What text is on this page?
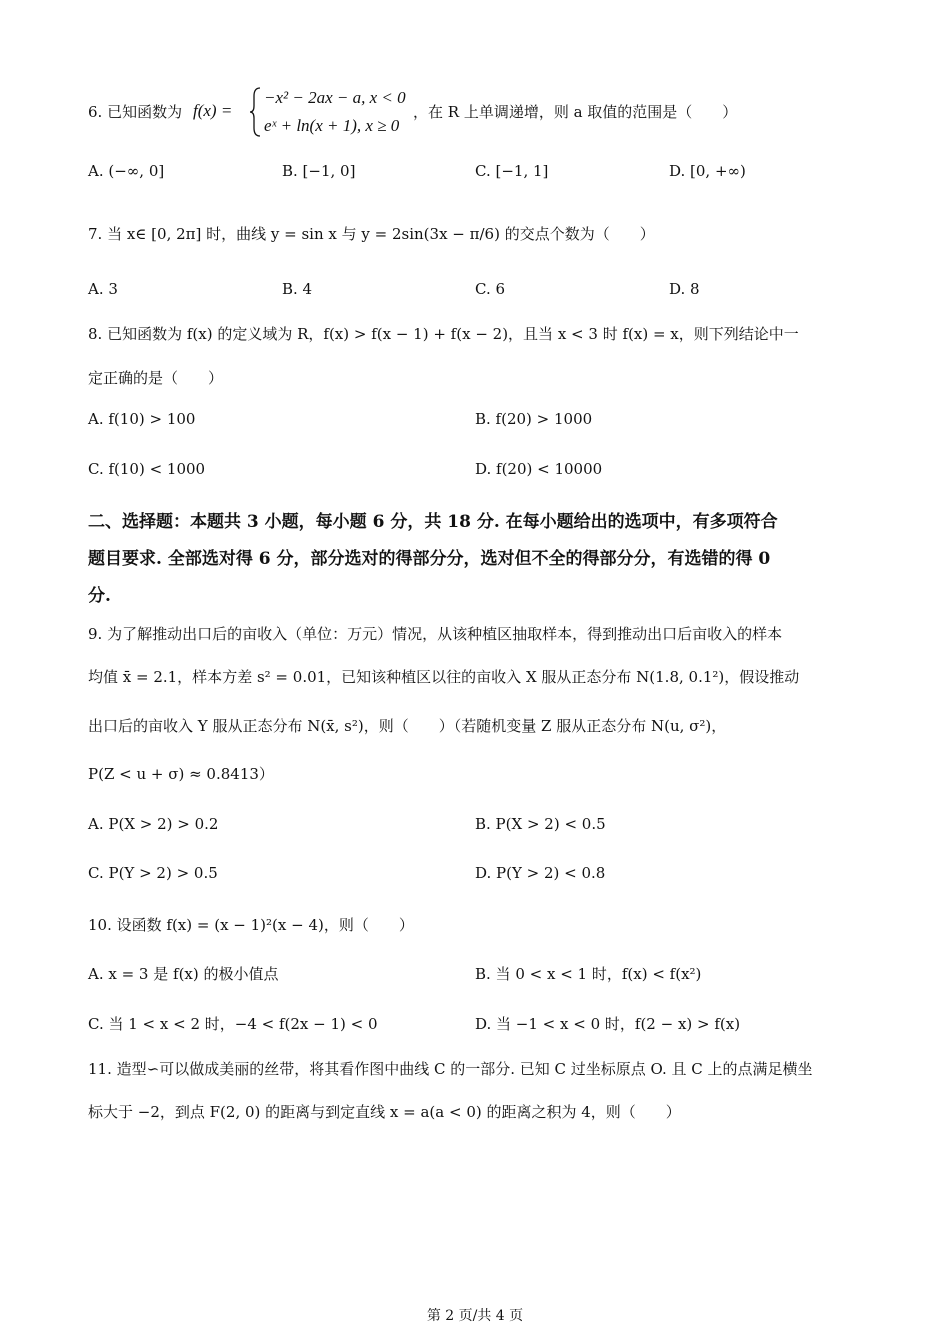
6. 已知函数为 f(x) =
−x² − 2ax − a, x < 0
eˣ + ln(x + 1), x ≥ 0
，在 R 上单调递增，则 a 取值的范围是（　　）
A. (−∞, 0]	B. [−1, 0]	C. [−1, 1]	D. [0, +∞)
7. 当 x∈ [0, 2π] 时，曲线 y = sin x 与 y = 2sin(3x − π/6) 的交点个数为（　　）
A. 3	B. 4	C. 6	D. 8
8. 已知函数为 f(x) 的定义域为 R，f(x) > f(x − 1) + f(x − 2)，且当 x < 3 时 f(x) = x，则下列结论中一
定正确的是（　　）
A. f(10) > 100	B. f(20) > 1000
C. f(10) < 1000	D. f(20) < 10000
二、选择题：本题共 3 小题，每小题 6 分，共 18 分. 在每小题给出的选项中，有多项符合
题目要求. 全部选对得 6 分，部分选对的得部分分，选对但不全的得部分分，有选错的得 0
分.
9. 为了解推动出口后的亩收入（单位：万元）情况，从该种植区抽取样本，得到推动出口后亩收入的样本
均值 x̄ = 2.1，样本方差 s² = 0.01，已知该种植区以往的亩收入 X 服从正态分布 N(1.8, 0.1²)，假设推动
出口后的亩收入 Y 服从正态分布 N(x̄, s²)，则（　　）（若随机变量 Z 服从正态分布 N(u, σ²)，
P(Z < u + σ) ≈ 0.8413）
A. P(X > 2) > 0.2	B. P(X > 2) < 0.5
C. P(Y > 2) > 0.5	D. P(Y > 2) < 0.8
10. 设函数 f(x) = (x − 1)²(x − 4)，则（　　）
A. x = 3 是 f(x) 的极小值点	B. 当 0 < x < 1 时，f(x) < f(x²)
C. 当 1 < x < 2 时，−4 < f(2x − 1) < 0	D. 当 −1 < x < 0 时，f(2 − x) > f(x)
11. 造型∽可以做成美丽的丝带，将其看作图中曲线 C 的一部分. 已知 C 过坐标原点 O. 且 C 上的点满足横坐
标大于 −2，到点 F(2, 0) 的距离与到定直线 x = a(a < 0) 的距离之积为 4，则（　　）
第 2 页/共 4 页
